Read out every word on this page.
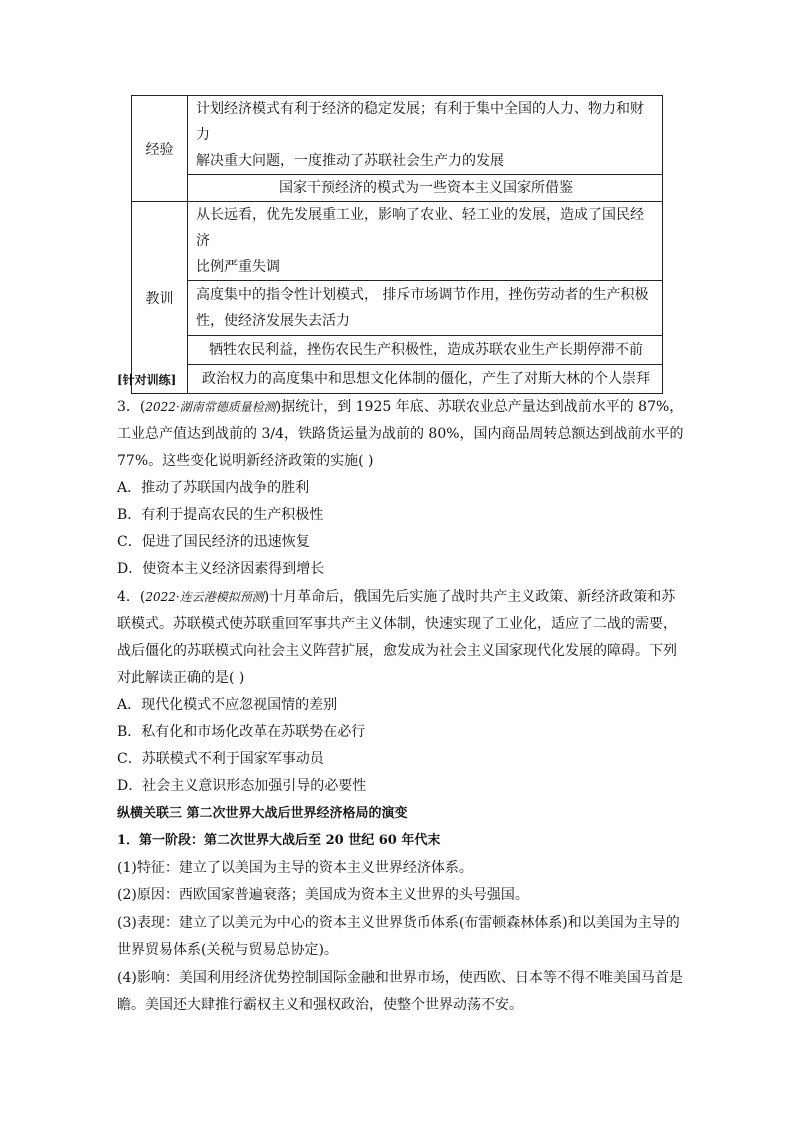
经验	计划经济模式有利于经济的稳定发展；有利于集中全国的人力、物力和财力
解决重大问题，一度推动了苏联社会生产力的发展

	国家干预经济的模式为一些资本主义国家所借鉴
教训	从长远看，优先发展重工业，影响了农业、轻工业的发展，造成了国民经济
比例严重失调

	高度集中的指令性计划模式， 排斥市场调节作用，挫伤劳动者的生产积极
性，使经济发展失去活力

	牺牲农民利益，挫伤农民生产积极性，造成苏联农业生产长期停滞不前
	政治权力的高度集中和思想文化体制的僵化，产生了对斯大林的个人崇拜
[针对训练]
3．(2022·湖南常德质量检测)据统计，到 1925 年底、苏联农业总产量达到战前水平的 87%，
工业总产值达到战前的 3/4，铁路货运量为战前的 80%，国内商品周转总额达到战前水平的
77%。这些变化说明新经济政策的实施( )
A．推动了苏联国内战争的胜利
B．有利于提高农民的生产积极性
C．促进了国民经济的迅速恢复
D．使资本主义经济因素得到增长
4．(2022·连云港模拟预测)十月革命后，俄国先后实施了战时共产主义政策、新经济政策和苏
联模式。苏联模式使苏联重回军事共产主义体制，快速实现了工业化，适应了二战的需要，
战后僵化的苏联模式向社会主义阵营扩展，愈发成为社会主义国家现代化发展的障碍。下列
对此解读正确的是( )
A．现代化模式不应忽视国情的差别
B．私有化和市场化改革在苏联势在必行
C．苏联模式不利于国家军事动员
D．社会主义意识形态加强引导的必要性
纵横关联三 第二次世界大战后世界经济格局的演变
1．第一阶段：第二次世界大战后至 20 世纪 60 年代末
(1)特征：建立了以美国为主导的资本主义世界经济体系。
(2)原因：西欧国家普遍衰落；美国成为资本主义世界的头号强国。
(3)表现：建立了以美元为中心的资本主义世界货币体系(布雷顿森林体系)和以美国为主导的
世界贸易体系(关税与贸易总协定)。
(4)影响：美国利用经济优势控制国际金融和世界市场，使西欧、日本等不得不唯美国马首是
瞻。美国还大肆推行霸权主义和强权政治，使整个世界动荡不安。
